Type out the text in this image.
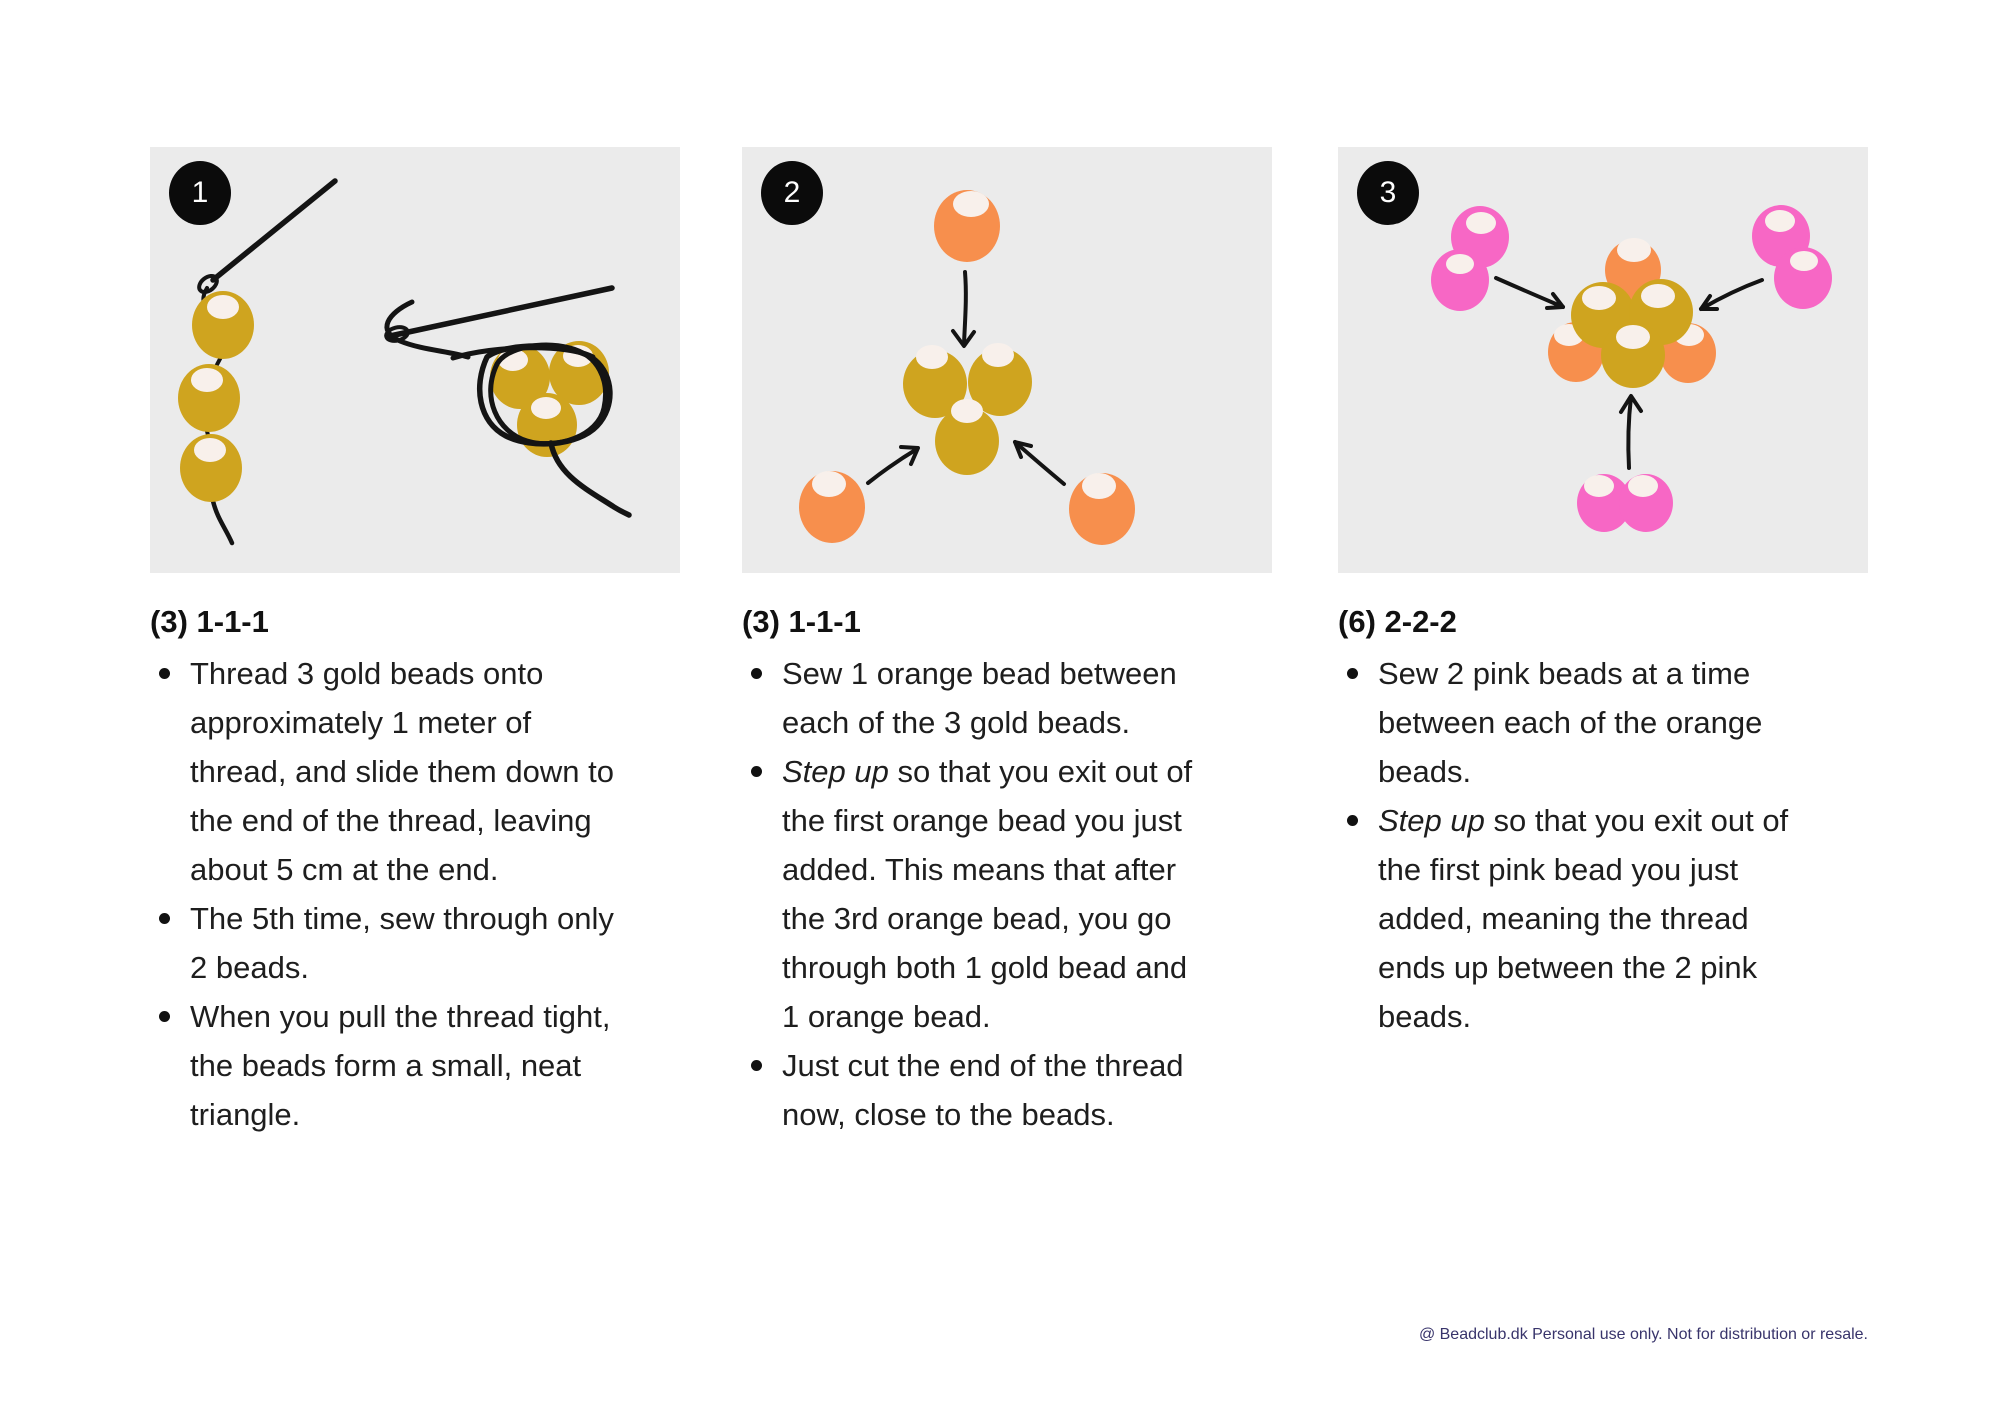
1
(3) 1-1-1
Thread 3 gold beads onto approximately 1 meter of thread, and slide them down to the end of the thread, leaving about 5 cm at the end.
The 5th time, sew through only 2 beads.
When you pull the thread tight, the beads form a small, neat triangle.
2
(3) 1-1-1
Sew 1 orange bead between each of the 3 gold beads.
Step up so that you exit out of the first orange bead you just added. This means that after the 3rd orange bead, you go through both 1 gold bead and 1 orange bead.
Just cut the end of the thread now, close to the beads.
3
(6) 2-2-2
Sew 2 pink beads at a time between each of the orange beads.
Step up so that you exit out of the first pink bead you just added, meaning the thread ends up between the 2 pink beads.
@ Beadclub.dk Personal use only. Not for distribution or resale.
